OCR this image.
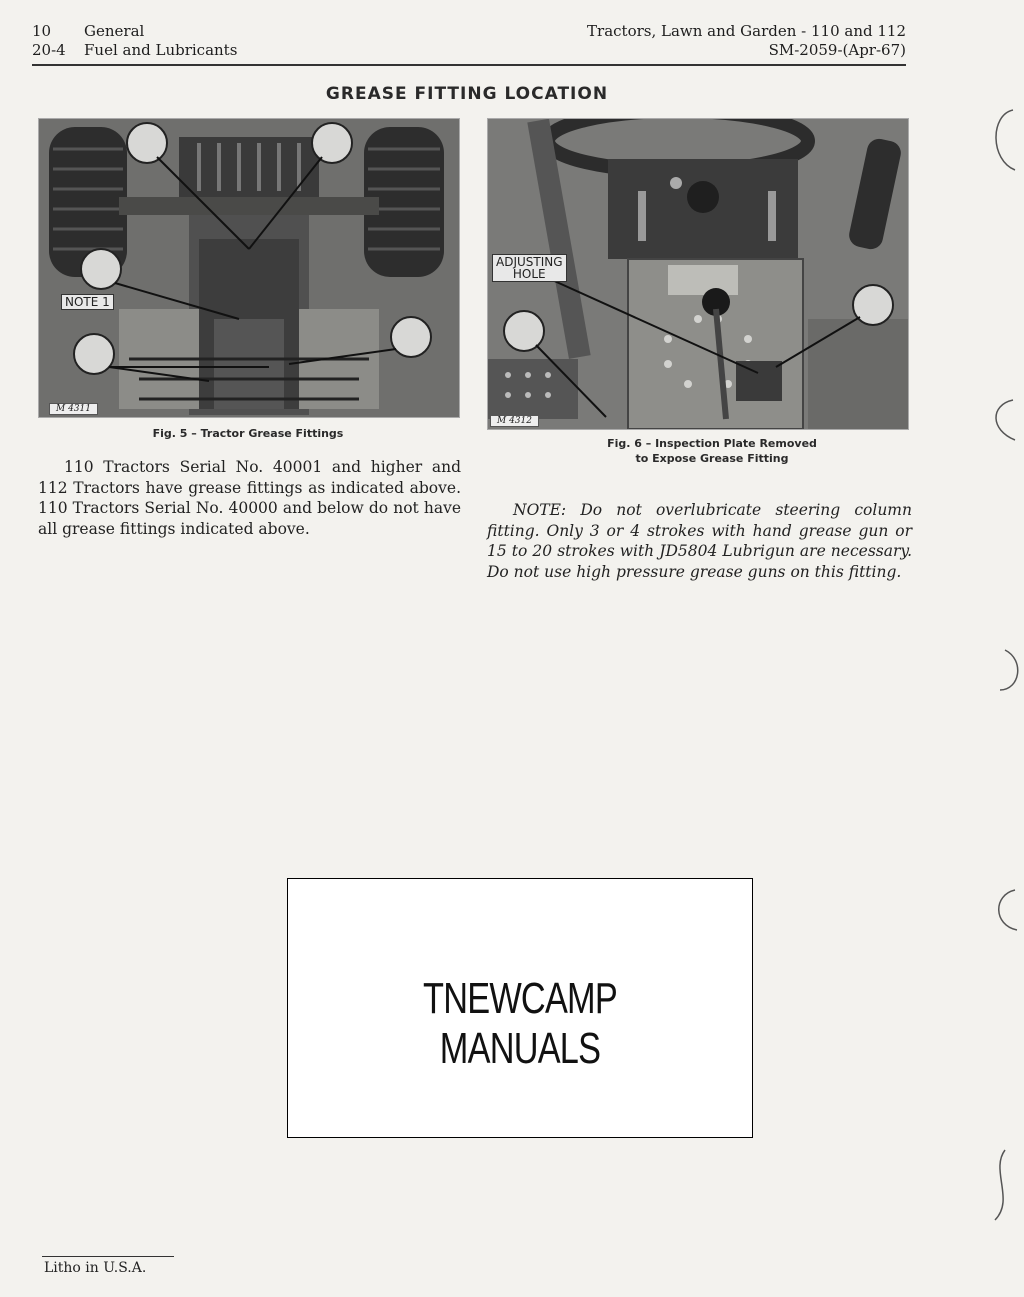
10 General
20-4 Fuel and Lubricants
Tractors, Lawn and Garden - 110 and 112
SM-2059-(Apr-67)
GREASE FITTING LOCATION
NOTE 1
M 4311
Fig. 5 – Tractor Grease Fittings
ADJUSTING
HOLE
M 4312
Fig. 6 – Inspection Plate Removed
to Expose Grease Fitting
110 Tractors Serial No. 40001 and higher and 112 Tractors have grease fittings as indicated above. 110 Tractors Serial No. 40000 and below do not have all grease fittings indicated above.
NOTE: Do not overlubricate steering column fitting. Only 3 or 4 strokes with hand grease gun or 15 to 20 strokes with JD5804 Lubrigun are necessary. Do not use high pressure grease guns on this fitting.
TNEWCAMP MANUALS
Litho in U.S.A.
